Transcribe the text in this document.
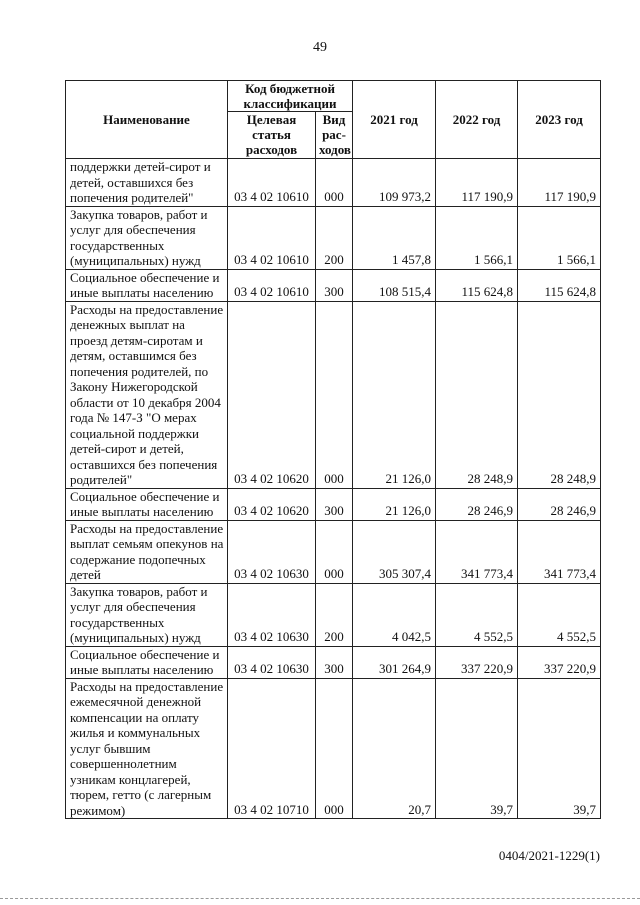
49
Наименование	Код бюджетной классификации		2021 год	2022 год	2023 год
	Целевая статья расходов	Вид рас-ходов			
поддержки детей-сирот и детей, оставшихся без попечения родителей"	03 4 02 10610	000	109 973,2	117 190,9	117 190,9
Закупка товаров, работ и услуг для обеспечения государственных (муниципальных) нужд	03 4 02 10610	200	1 457,8	1 566,1	1 566,1
Социальное обеспечение и иные выплаты населению	03 4 02 10610	300	108 515,4	115 624,8	115 624,8
Расходы на предоставление денежных выплат на проезд детям-сиротам и детям, оставшимся без попечения родителей, по Закону Нижегородской области от 10 декабря 2004 года № 147-З "О мерах социальной поддержки детей-сирот и детей, оставшихся без попечения родителей"	03 4 02 10620	000	21 126,0	28 248,9	28 248,9
Социальное обеспечение и иные выплаты населению	03 4 02 10620	300	21 126,0	28 246,9	28 246,9
Расходы на предоставление выплат семьям опекунов на содержание подопечных детей	03 4 02 10630	000	305 307,4	341 773,4	341 773,4
Закупка товаров, работ и услуг для обеспечения государственных (муниципальных) нужд	03 4 02 10630	200	4 042,5	4 552,5	4 552,5
Социальное обеспечение и иные выплаты населению	03 4 02 10630	300	301 264,9	337 220,9	337 220,9
Расходы на предоставление ежемесячной денежной компенсации на оплату жилья и коммунальных услуг бывшим совершеннолетним узникам концлагерей, тюрем, гетто (с лагерным режимом)	03 4 02 10710	000	20,7	39,7	39,7
0404/2021-1229(1)
